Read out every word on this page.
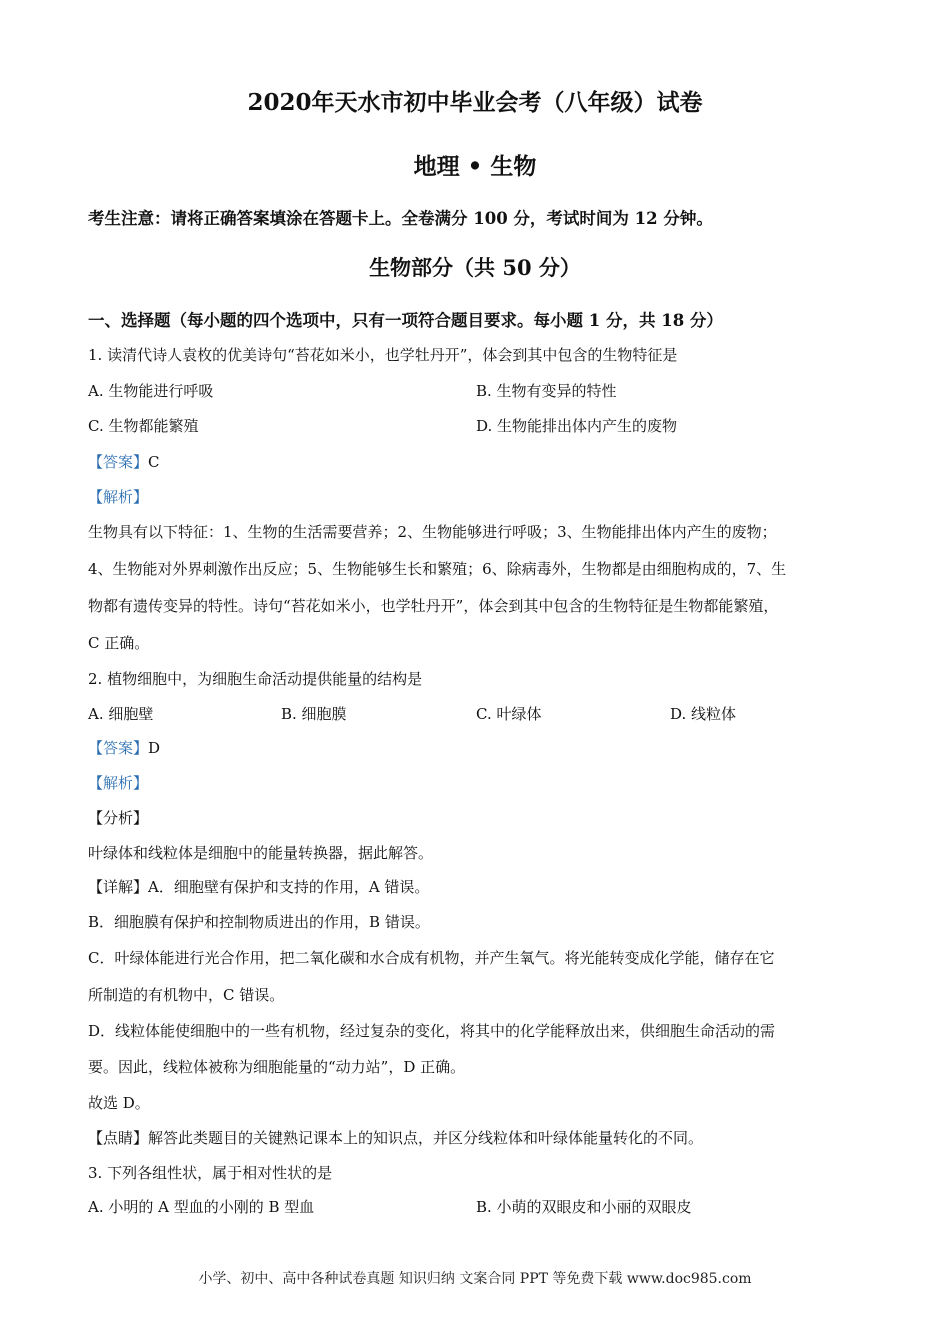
2020年天水市初中毕业会考（八年级）试卷
地理 • 生物
考生注意：请将正确答案填涂在答题卡上。全卷满分 100 分，考试时间为 12 分钟。
生物部分（共 50 分）
一、选择题（每小题的四个选项中，只有一项符合题目要求。每小题 1 分，共 18 分）
1. 读清代诗人袁枚的优美诗句“苔花如米小，也学牡丹开”，体会到其中包含的生物特征是
A. 生物能进行呼吸	B. 生物有变异的特性
C. 生物都能繁殖	D. 生物能排出体内产生的废物
【答案】C
【解析】
生物具有以下特征：1、生物的生活需要营养；2、生物能够进行呼吸；3、生物能排出体内产生的废物；
4、生物能对外界刺激作出反应；5、生物能够生长和繁殖；6、除病毒外，生物都是由细胞构成的，7、生
物都有遗传变异的特性。诗句“苔花如米小，也学牡丹开”，体会到其中包含的生物特征是生物都能繁殖，
C 正确。
2. 植物细胞中，为细胞生命活动提供能量的结构是
A. 细胞壁	B. 细胞膜	C. 叶绿体	D. 线粒体
【答案】D
【解析】
【分析】
叶绿体和线粒体是细胞中的能量转换器，据此解答。
【详解】A．细胞壁有保护和支持的作用，A 错误。
B．细胞膜有保护和控制物质进出的作用，B 错误。
C．叶绿体能进行光合作用，把二氧化碳和水合成有机物，并产生氧气。将光能转变成化学能，储存在它
所制造的有机物中，C 错误。
D．线粒体能使细胞中的一些有机物，经过复杂的变化，将其中的化学能释放出来，供细胞生命活动的需
要。因此，线粒体被称为细胞能量的“动力站”，D 正确。
故选 D。
【点睛】解答此类题目的关键熟记课本上的知识点，并区分线粒体和叶绿体能量转化的不同。
3. 下列各组性状，属于相对性状的是
A. 小明的 A 型血的小刚的 B 型血	B. 小萌的双眼皮和小丽的双眼皮
小学、初中、高中各种试卷真题 知识归纳 文案合同 PPT 等免费下载 www.doc985.com
